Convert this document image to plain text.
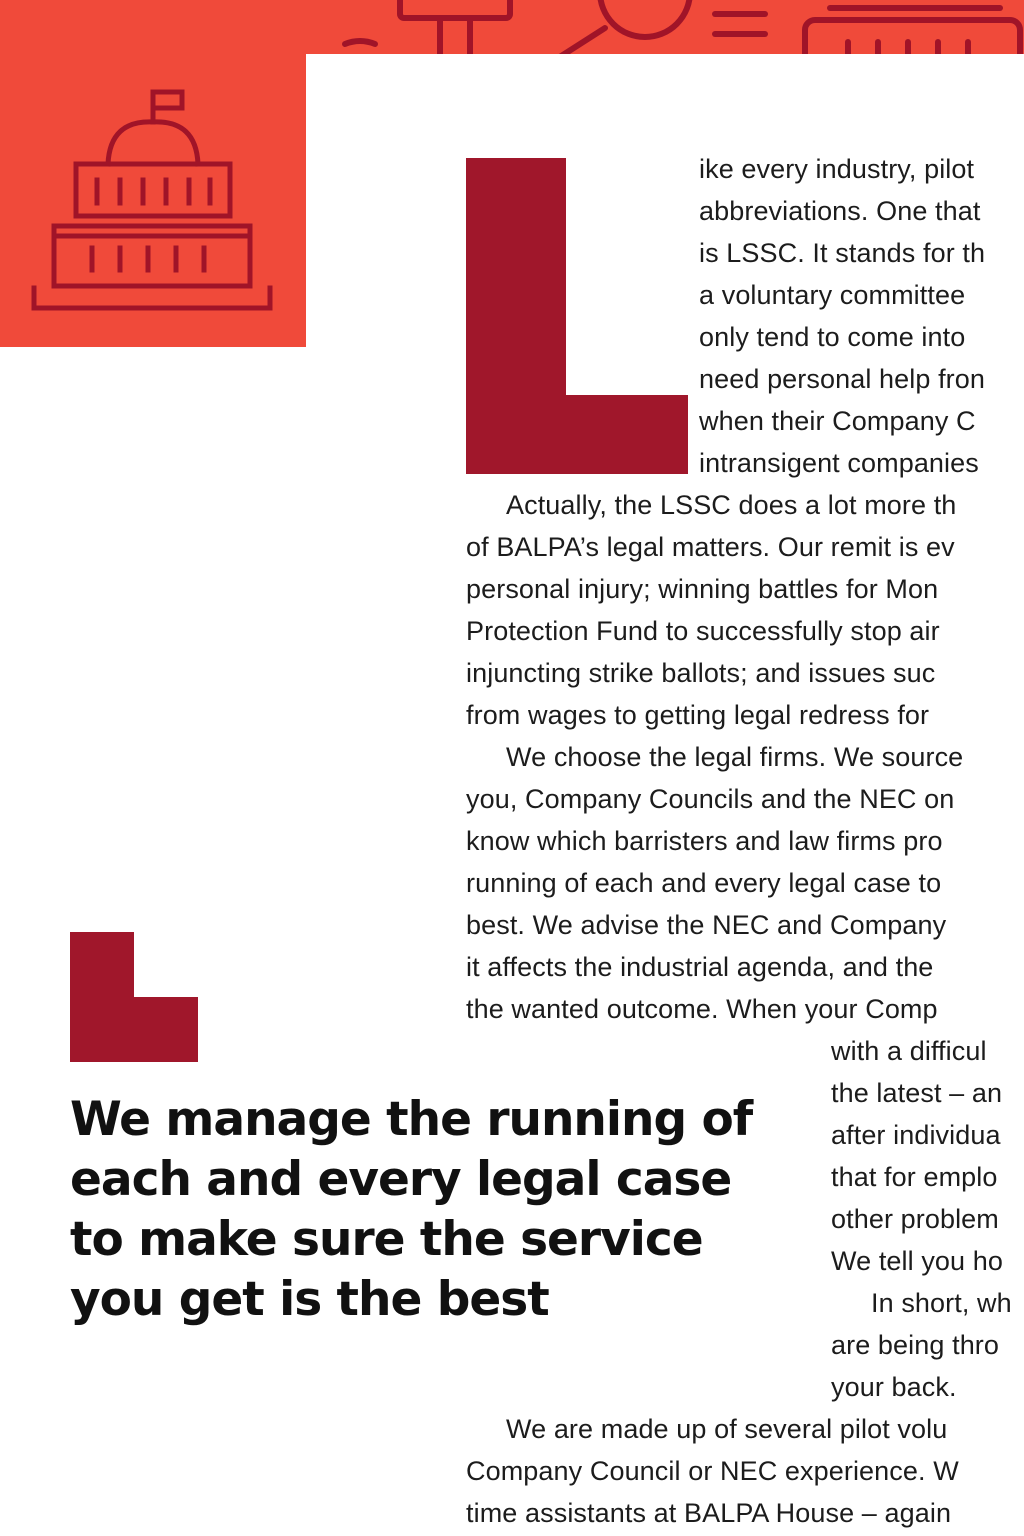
ike every industry, pilot
abbreviations. One that
is LSSC. It stands for th
a voluntary committee
only tend to come into
need personal help fron
when their Company C
intransigent companies
Actually, the LSSC does a lot more th
of BALPA’s legal matters. Our remit is ev
personal injury; winning battles for Mon
Protection Fund to successfully stop air
injuncting strike ballots; and issues suc
from wages to getting legal redress for
We choose the legal firms. We source
you, Company Councils and the NEC on
know which barristers and law firms pro
running of each and every legal case to
best. We advise the NEC and Company
it affects the industrial agenda, and the
the wanted outcome. When your Comp
with a difficul
the latest – an
after individua
that for emplo
other problem
We tell you ho
In short, wh
are being thro
your back.
We are made up of several pilot volu
Company Council or NEC experience. W
time assistants at BALPA House – again
We manage the running of
each and every legal case
to make sure the service
you get is the best
